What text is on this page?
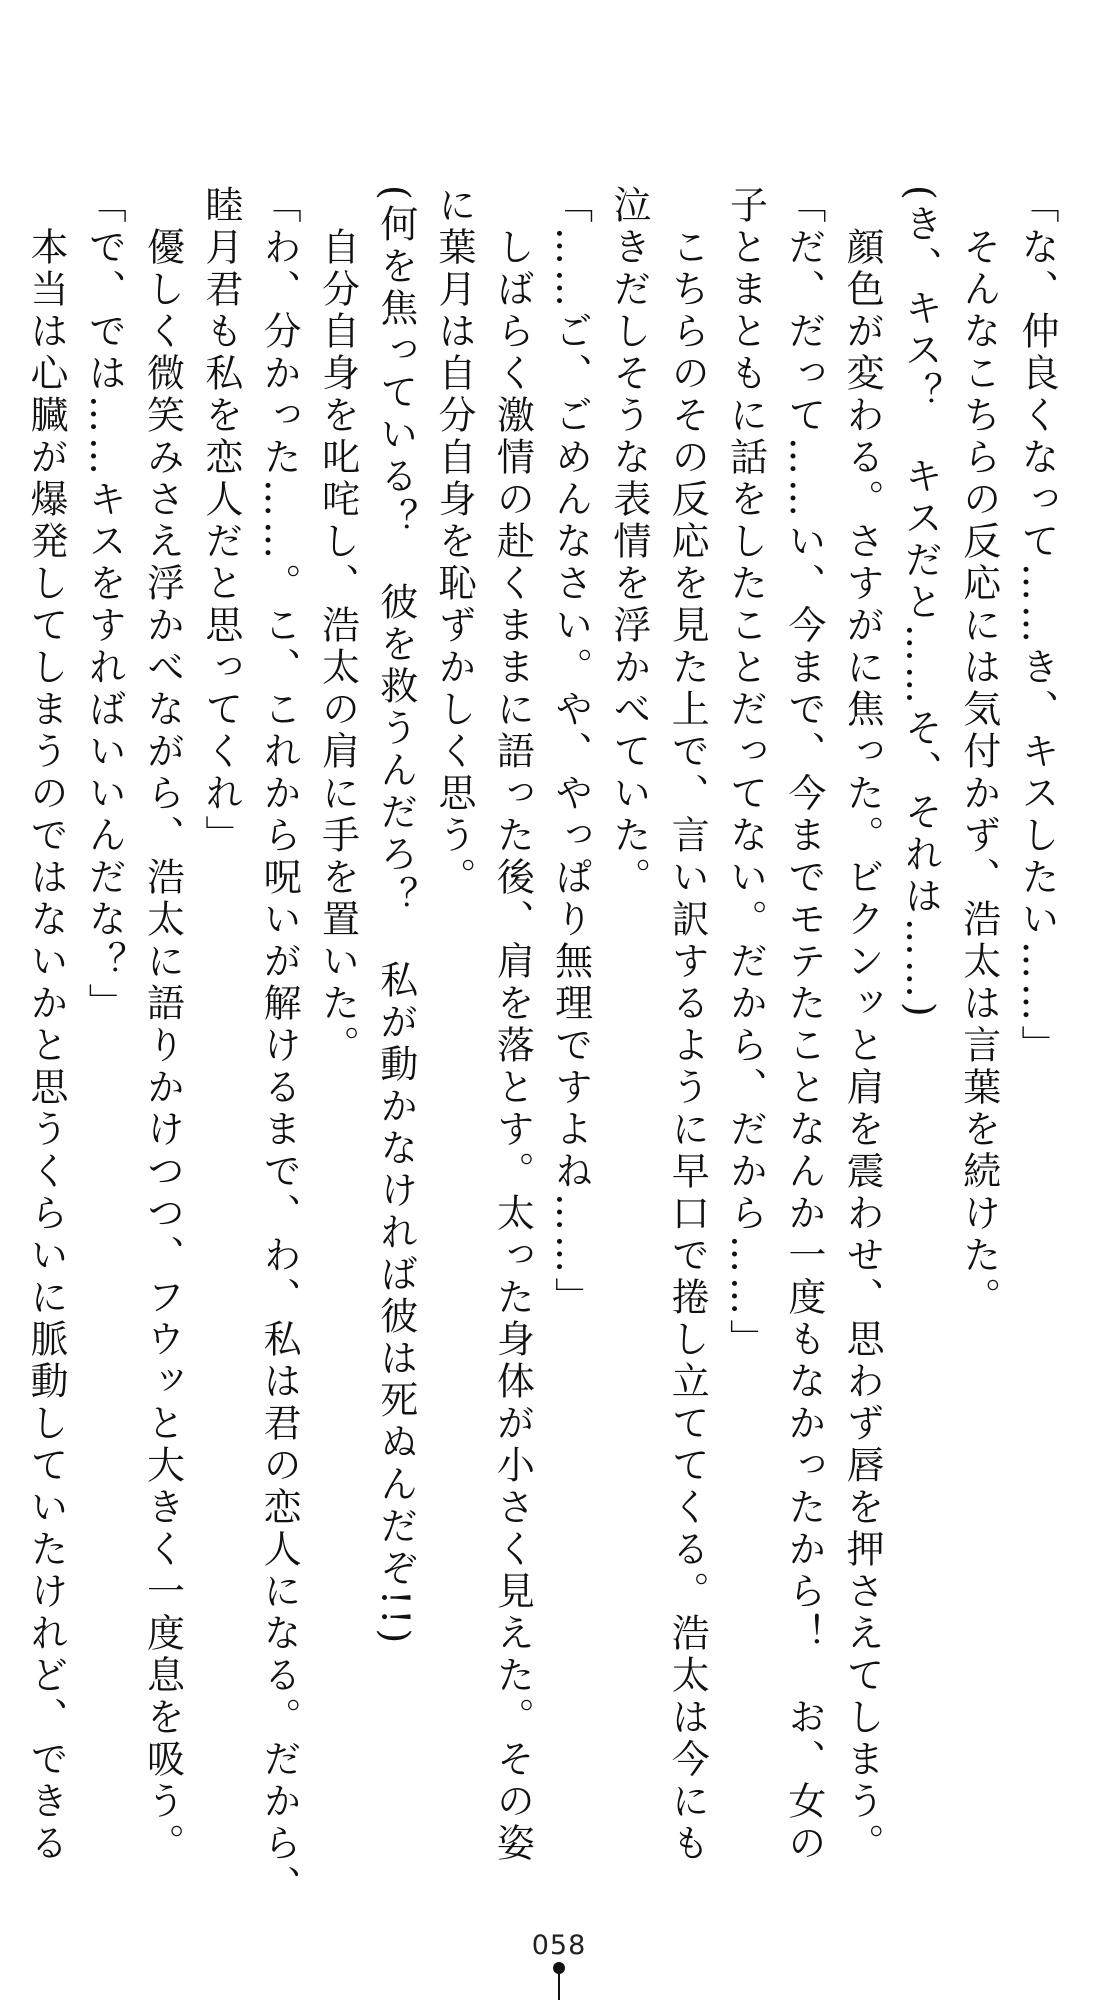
「な、仲良くなって……き、キスしたい……」
　そんなこちらの反応には気付かず、浩太は言葉を続けた。
(き、キス？　キスだと……そ、それは……)
　顔色が変わる。さすがに焦った。ビクンッと肩を震わせ、思わず唇を押さえてしまう。
「だ、だって……い、今まで、今までモテたことなんか一度もなかったから！　お、女の
子とまともに話をしたことだってない。だから、だから……」
　こちらのその反応を見た上で、言い訳するように早口で捲し立ててくる。浩太は今にも
泣きだしそうな表情を浮かべていた。
「……ご、ごめんなさい。や、やっぱり無理ですよね……」
　しばらく激情の赴くままに語った後、肩を落とす。太った身体が小さく見えた。その姿
に葉月は自分自身を恥ずかしく思う。
(何を焦っている？　彼を救うんだろ？　私が動かなければ彼は死ぬんだぞ!!)
　自分自身を叱咤し、浩太の肩に手を置いた。
「わ、分かった……。こ、これから呪いが解けるまで、わ、私は君の恋人になる。だから、
睦月君も私を恋人だと思ってくれ」
　優しく微笑みさえ浮かべながら、浩太に語りかけつつ、フウッと大きく一度息を吸う。
「で、では……キスをすればいいんだな？」
　本当は心臓が爆発してしまうのではないかと思うくらいに脈動していたけれど、できる
058
